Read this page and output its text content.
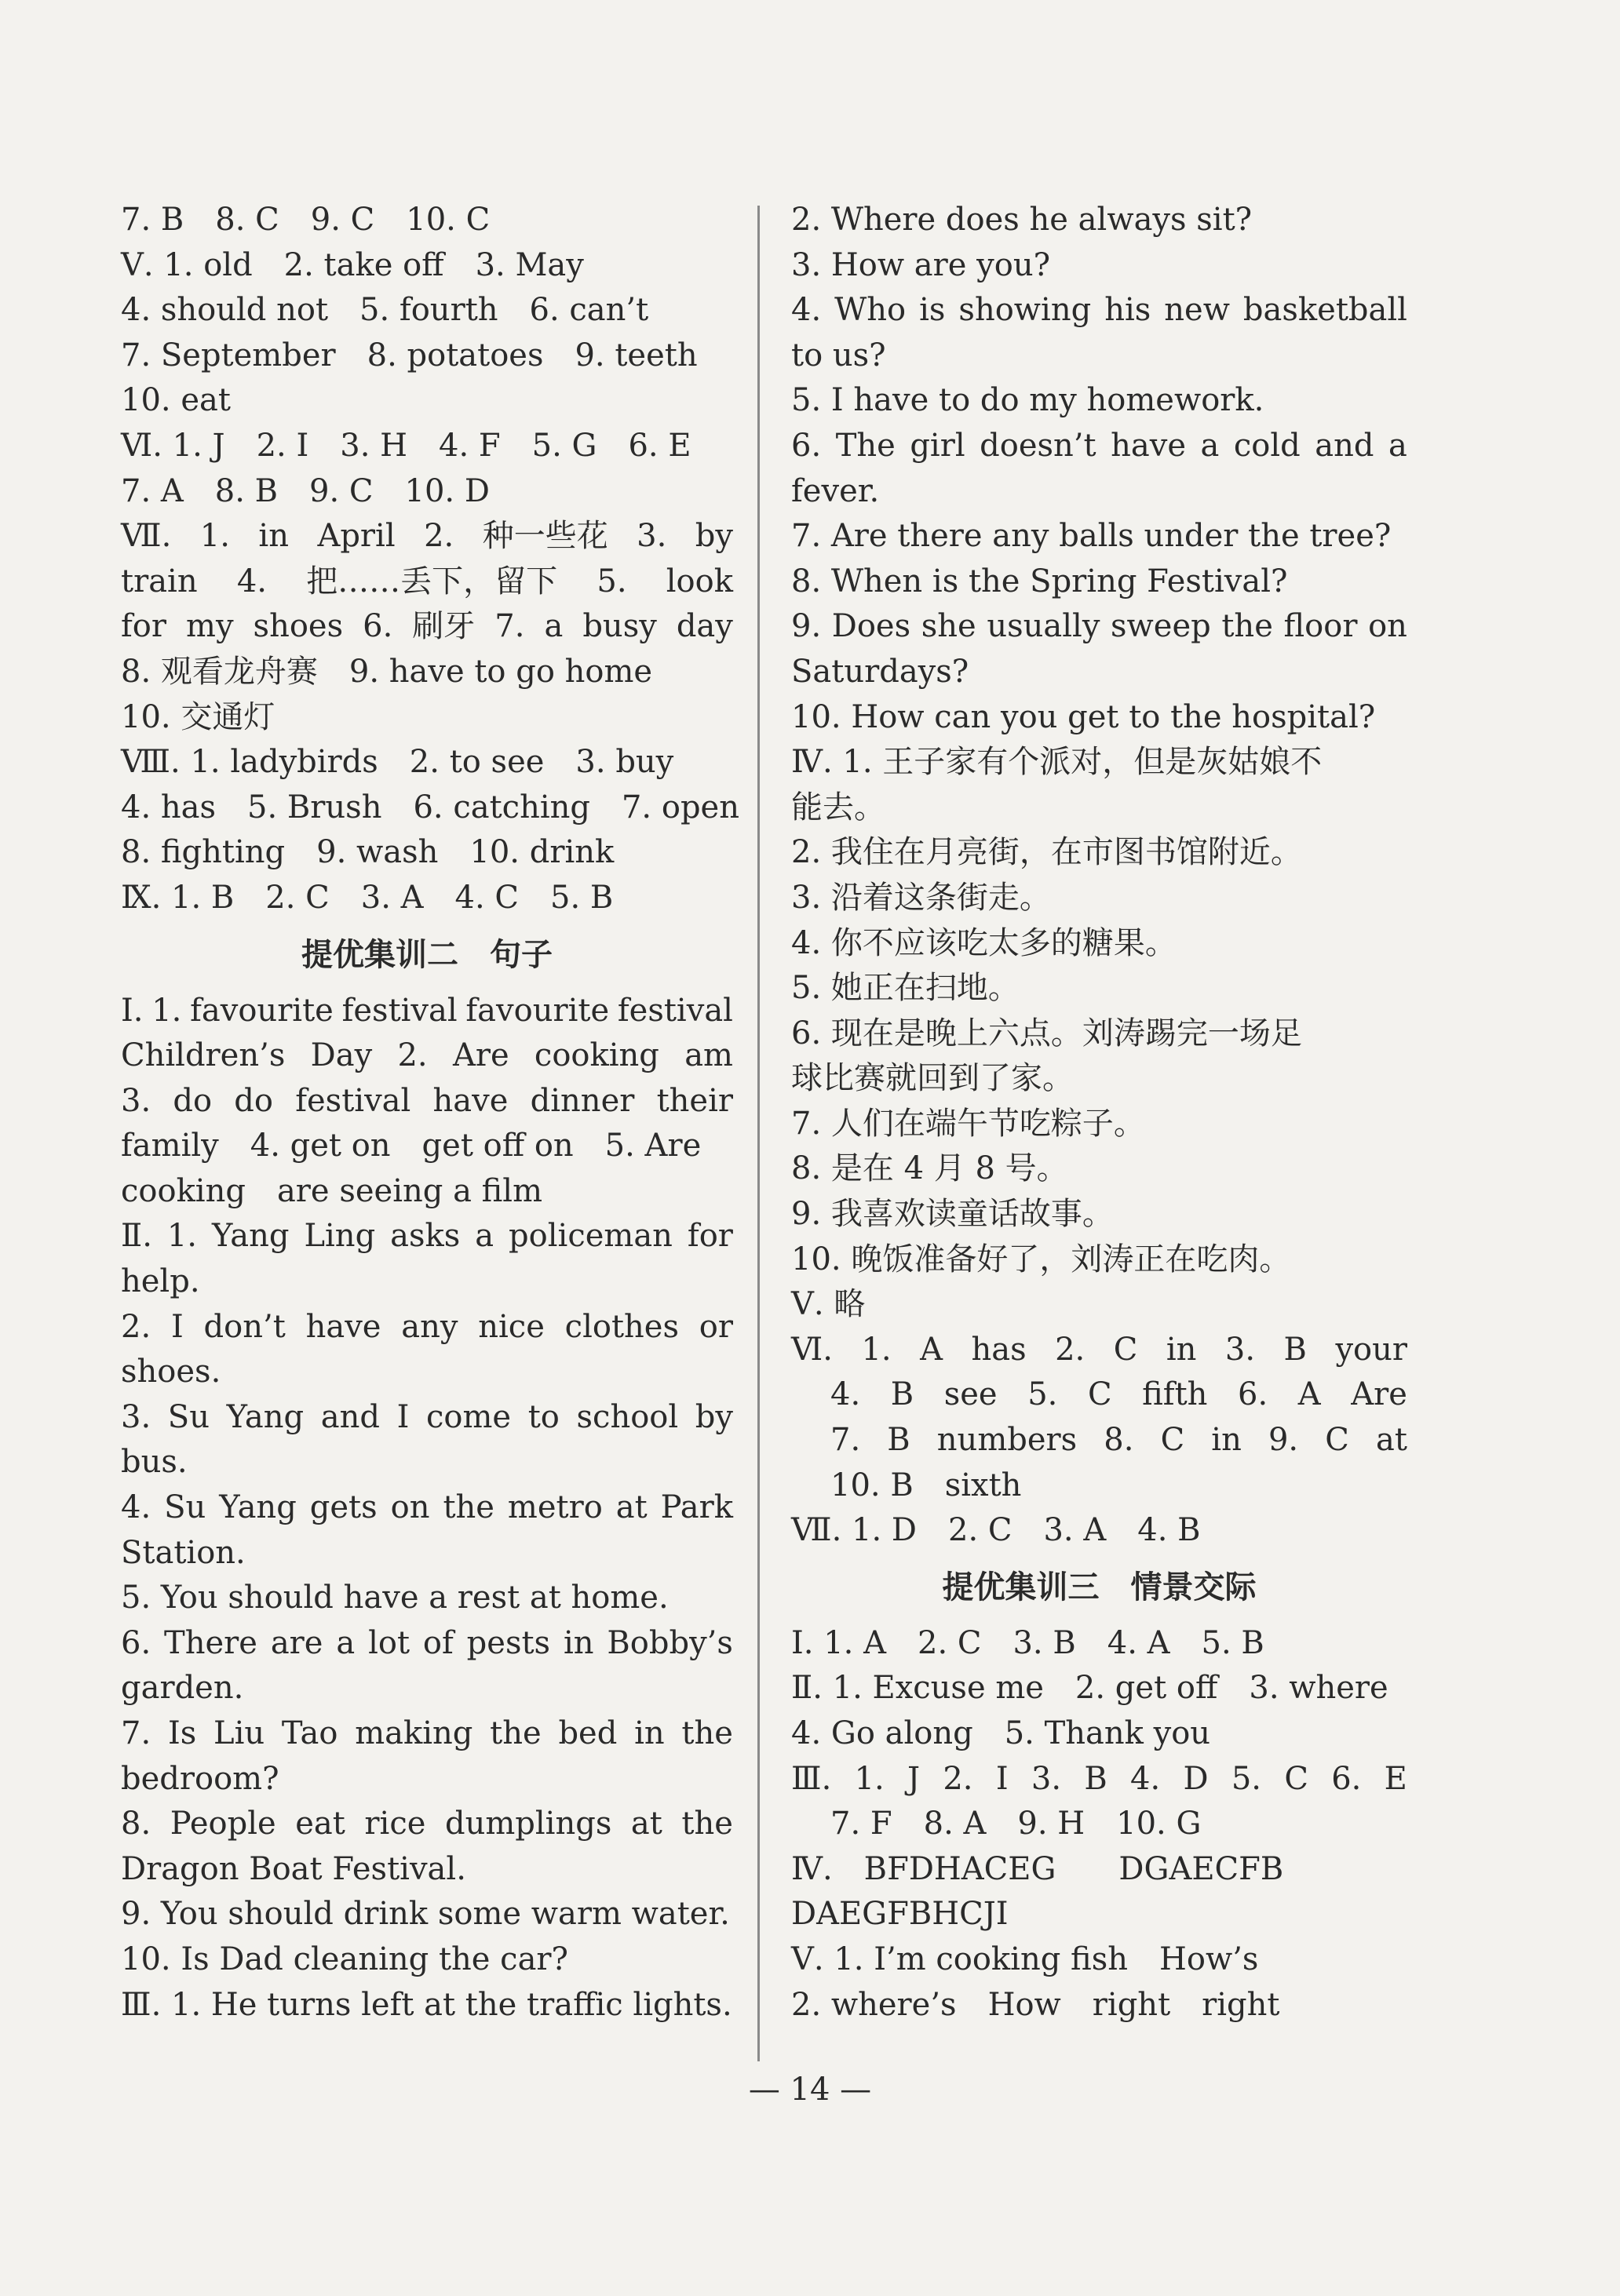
7. B　8. C　9. C　10. C
Ⅴ. 1. old　2. take off　3. May
4. should not　5. fourth　6. can’t
7. September　8. potatoes　9. teeth
10. eat
Ⅵ. 1. J　2. I　3. H　4. F　5. G　6. E
7. A　8. B　9. C　10. D
Ⅶ. 1. in April 2. 种一些花 3. by
train 4. 把……丢下，留下 5. look
for my shoes 6. 刷牙 7. a busy day
8. 观看龙舟赛　9. have to go home
10. 交通灯
Ⅷ. 1. ladybirds　2. to see　3. buy
4. has　5. Brush　6. catching　7. open
8. fighting　9. wash　10. drink
Ⅸ. 1. B　2. C　3. A　4. C　5. B
提优集训二　句子
Ⅰ. 1. favourite festival favourite festival
Children’s Day 2. Are cooking am
3. do do festival have dinner their
family　4. get on　get off on　5. Are
cooking　are seeing a film
Ⅱ. 1. Yang Ling asks a policeman for
help.
2. I don’t have any nice clothes or
shoes.
3. Su Yang and I come to school by
bus.
4. Su Yang gets on the metro at Park
Station.
5. You should have a rest at home.
6. There are a lot of pests in Bobby’s
garden.
7. Is Liu Tao making the bed in the
bedroom?
8. People eat rice dumplings at the
Dragon Boat Festival.
9. You should drink some warm water.
10. Is Dad cleaning the car?
Ⅲ. 1. He turns left at the traffic lights.
2. Where does he always sit?
3. How are you?
4. Who is showing his new basketball
to us?
5. I have to do my homework.
6. The girl doesn’t have a cold and a
fever.
7. Are there any balls under the tree?
8. When is the Spring Festival?
9. Does she usually sweep the floor on
Saturdays?
10. How can you get to the hospital?
Ⅳ. 1. 王子家有个派对，但是灰姑娘不
能去。
2. 我住在月亮街，在市图书馆附近。
3. 沿着这条街走。
4. 你不应该吃太多的糖果。
5. 她正在扫地。
6. 现在是晚上六点。刘涛踢完一场足
球比赛就回到了家。
7. 人们在端午节吃粽子。
8. 是在 4 月 8 号。
9. 我喜欢读童话故事。
10. 晚饭准备好了，刘涛正在吃肉。
Ⅴ. 略
Ⅵ. 1. A has 2. C in 3. B your
4. B see 5. C fifth 6. A Are
7. B numbers 8. C in 9. C at
10. B　sixth
Ⅶ. 1. D　2. C　3. A　4. B
提优集训三　情景交际
Ⅰ. 1. A　2. C　3. B　4. A　5. B
Ⅱ. 1. Excuse me　2. get off　3. where
4. Go along　5. Thank you
Ⅲ. 1. J 2. I 3. B 4. D 5. C 6. E
7. F　8. A　9. H　10. G
Ⅳ.　BFDHACEG　　DGAECFB
DAEGFBHCJI
Ⅴ. 1. I’m cooking fish　How’s
2. where’s　How　right　right
— 14 —
